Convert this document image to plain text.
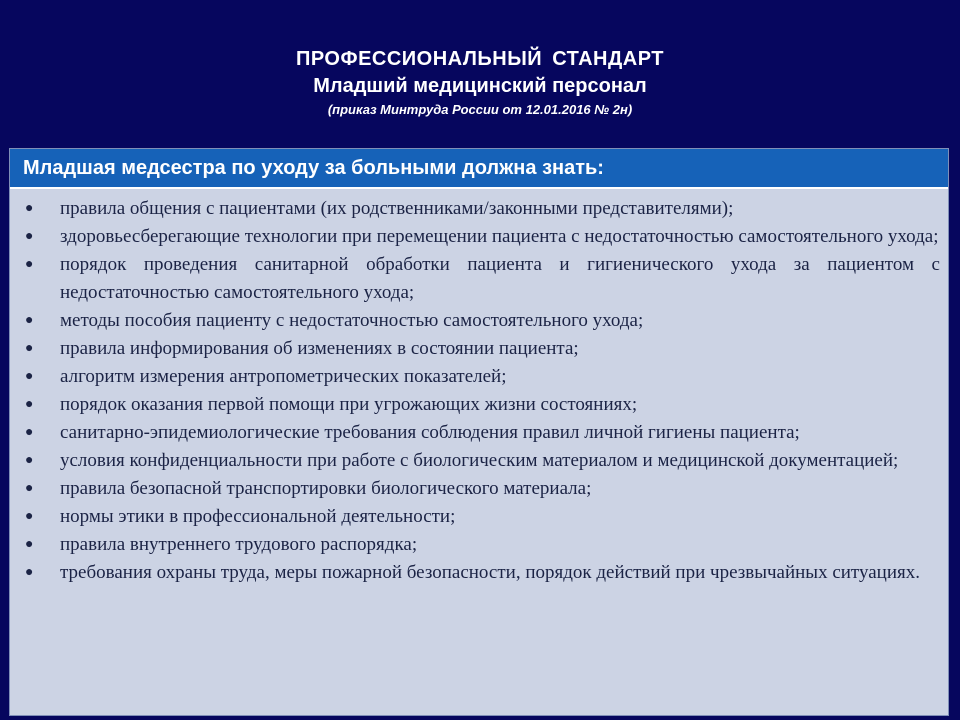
ПРОФЕССИОНАЛЬНЫЙ СТАНДАРТ
Младший медицинский персонал
(приказ Минтруда России от 12.01.2016 № 2н)
Младшая медсестра по уходу за больными должна знать:
●	правила общения с пациентами (их родственниками/законными представителями);
●	здоровьесберегающие технологии при перемещении пациента с недостаточностью самостоятельного ухода;
●	порядок проведения санитарной обработки пациента и гигиенического ухода за пациентом с недостаточностью самостоятельного ухода;
●	методы пособия пациенту с недостаточностью самостоятельного ухода;
●	правила информирования об изменениях в состоянии пациента;
●	алгоритм измерения антропометрических показателей;
●	порядок оказания первой помощи при угрожающих жизни состояниях;
●	санитарно-эпидемиологические требования соблюдения правил личной гигиены пациента;
●	условия конфиденциальности при работе с биологическим материалом и медицинской документацией;
●	правила безопасной транспортировки биологического материала;
●	нормы этики в профессиональной деятельности;
●	правила внутреннего трудового распорядка;
●	требования охраны труда, меры пожарной безопасности, порядок действий при чрезвычайных ситуациях.
